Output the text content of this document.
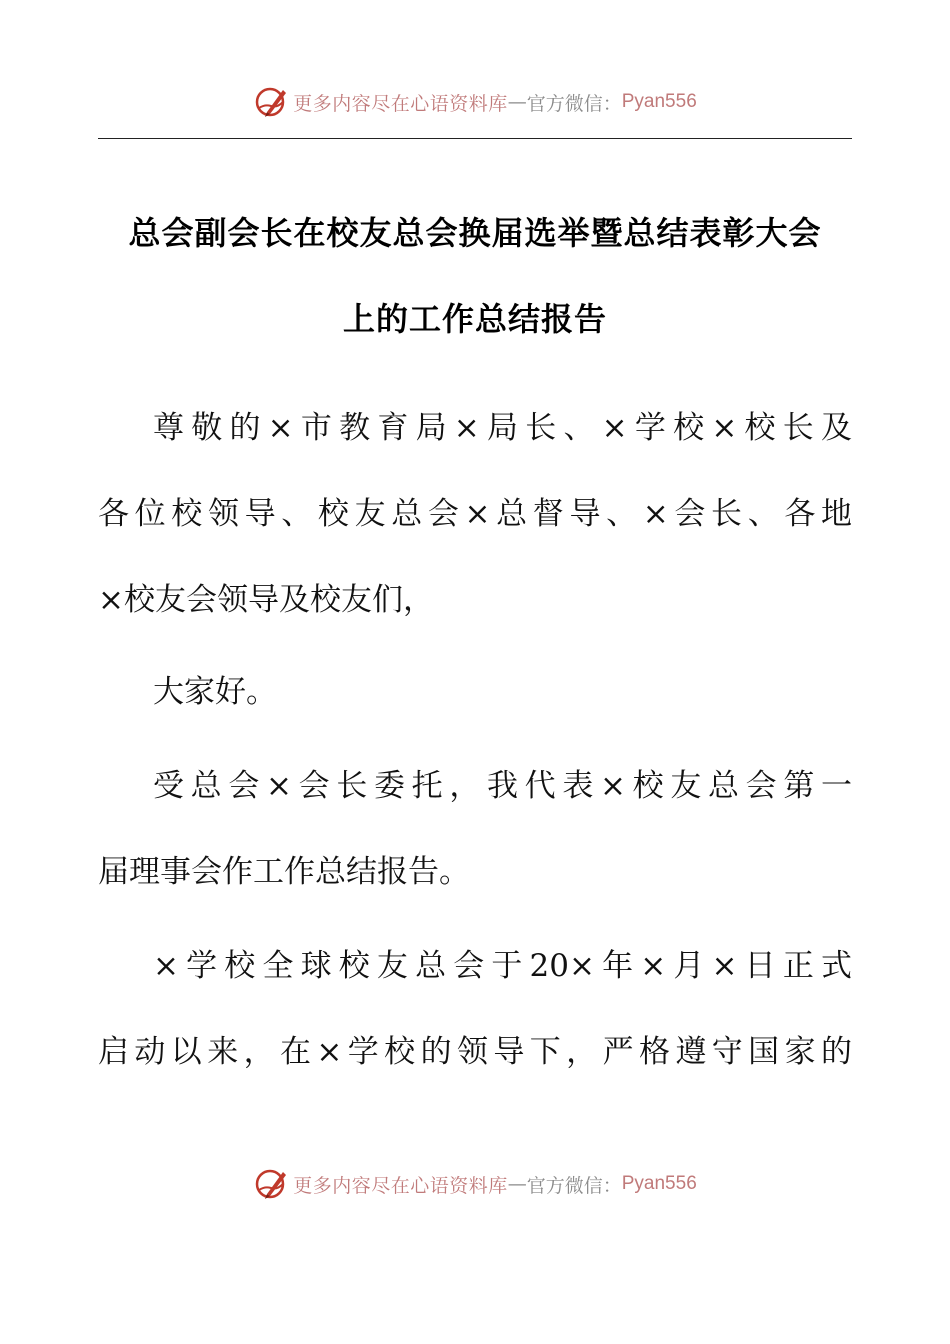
更多内容尽在心语资料库 — 官方微信： Pyan556
总会副会长在校友总会换届选举暨总结表彰大会
上的工作总结报告
尊敬的×市教育局×局长、×学校×校长及
各位校领导、校友总会×总督导、×会长、各地
×校友会领导及校友们，
大家好。
受总会×会长委托，我代表×校友总会第一
届理事会作工作总结报告。
×学校全球校友总会于20×年×月×日正式
启动以来，在×学校的领导下，严格遵守国家的
更多内容尽在心语资料库 — 官方微信： Pyan556
